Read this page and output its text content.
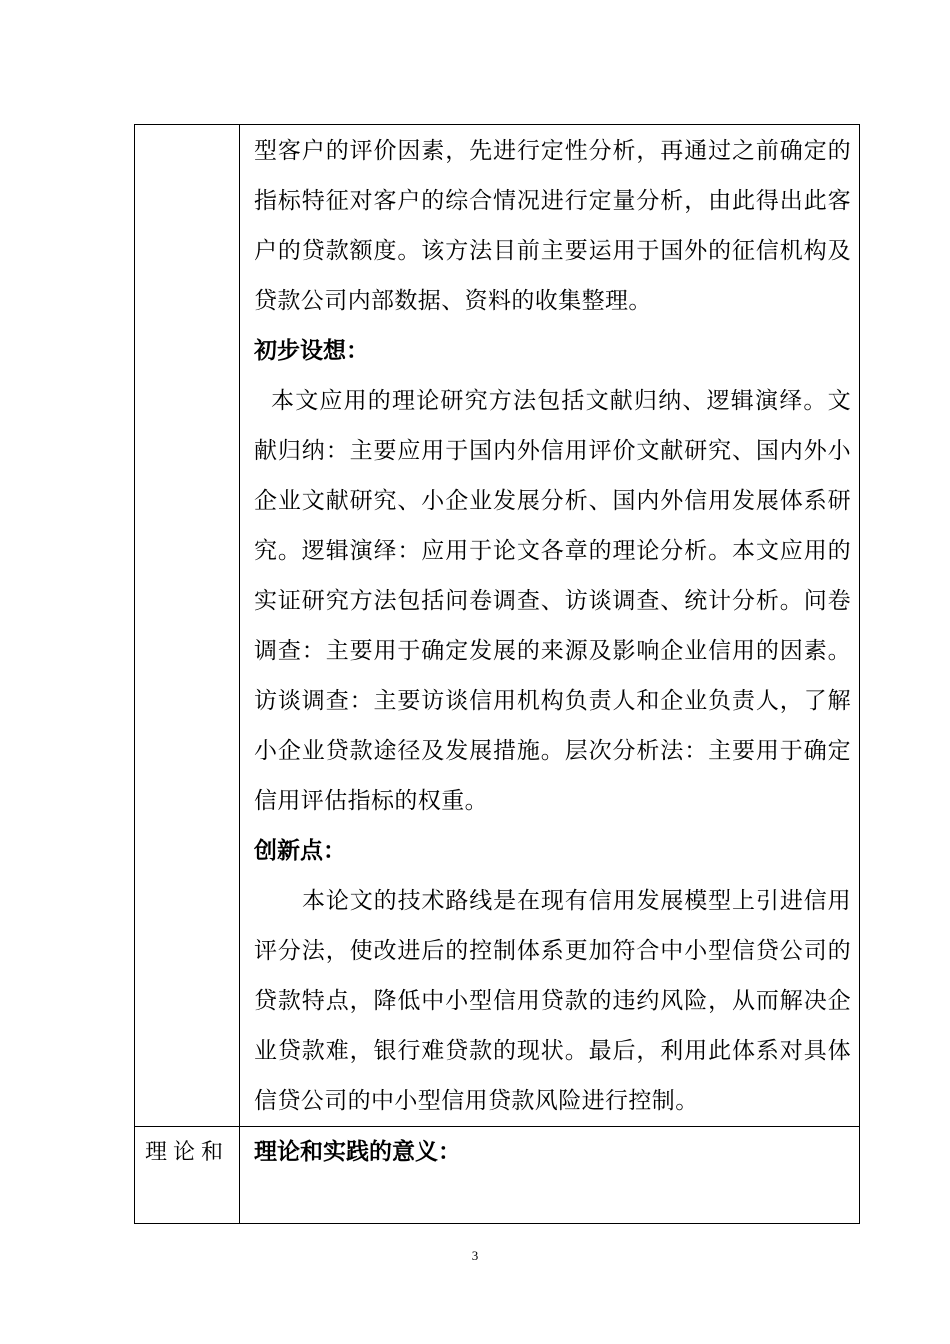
	型客户的评价因素，先进行定性分析，再通过之前确定的指标特征对客户的综合情况进行定量分析，由此得出此客户的贷款额度。该方法目前主要运用于国外的征信机构及贷款公司内部数据、资料的收集整理。

初步设想：

本文应用的理论研究方法包括文献归纳、逻辑演绎。文献归纳：主要应用于国内外信用评价文献研究、国内外小企业文献研究、小企业发展分析、国内外信用发展体系研究。逻辑演绎：应用于论文各章的理论分析。本文应用的实证研究方法包括问卷调查、访谈调查、统计分析。问卷调查：主要用于确定发展的来源及影响企业信用的因素。访谈调查：主要访谈信用机构负责人和企业负责人，了解小企业贷款途径及发展措施。层次分析法：主要用于确定信用评估指标的权重。

创新点：

本论文的技术路线是在现有信用发展模型上引进信用评分法，使改进后的控制体系更加符合中小型信贷公司的贷款特点，降低中小型信用贷款的违约风险，从而解决企业贷款难，银行难贷款的现状。最后，利用此体系对具体信贷公司的中小型信用贷款风险进行控制。

理论和	理论和实践的意义：

3
